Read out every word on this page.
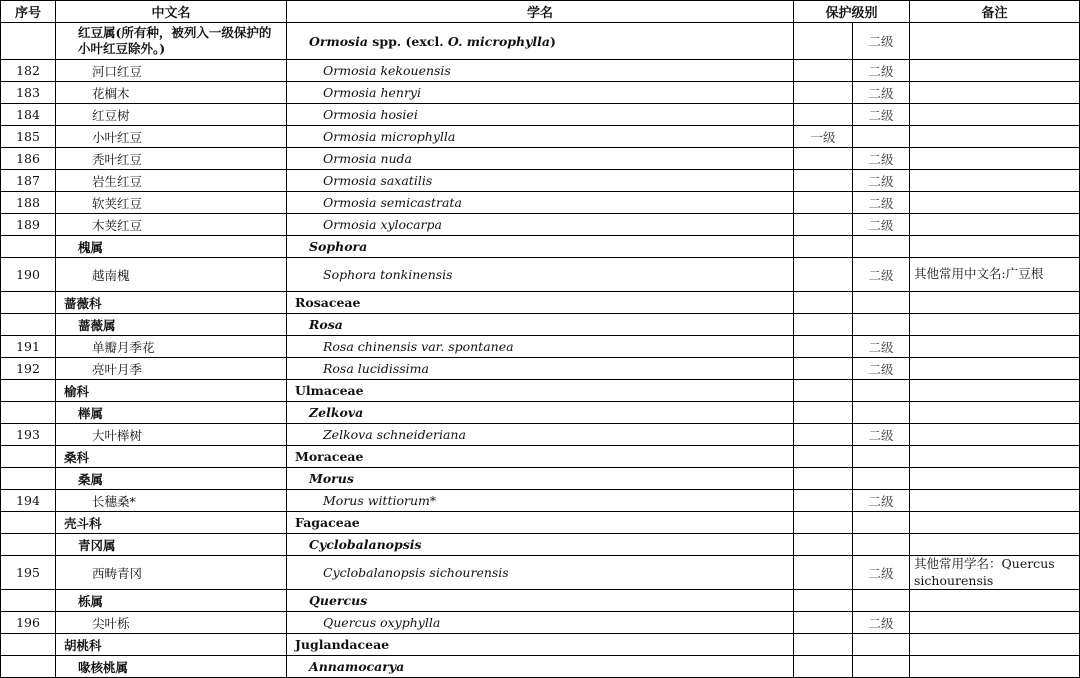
序号	中文名	学名	保护级别		备注
	红豆属(所有种，被列入一级保护的小叶红豆除外。)	Ormosia spp. (excl. O. microphylla)		二级	
182	河口红豆	Ormosia kekouensis		二级	
183	花榈木	Ormosia henryi		二级	
184	红豆树	Ormosia hosiei		二级	
185	小叶红豆	Ormosia microphylla	一级		
186	秃叶红豆	Ormosia nuda		二级	
187	岩生红豆	Ormosia saxatilis		二级	
188	软荚红豆	Ormosia semicastrata		二级	
189	木荚红豆	Ormosia xylocarpa		二级	
	槐属	Sophora			
190	越南槐	Sophora tonkinensis		二级	其他常用中文名:广豆根
	蔷薇科	Rosaceae			
	蔷薇属	Rosa			
191	单瓣月季花	Rosa chinensis var. spontanea		二级	
192	亮叶月季	Rosa lucidissima		二级	
	榆科	Ulmaceae			
	榉属	Zelkova			
193	大叶榉树	Zelkova schneideriana		二级	
	桑科	Moraceae			
	桑属	Morus			
194	长穗桑*	Morus wittiorum*		二级	
	壳斗科	Fagaceae			
	青冈属	Cyclobalanopsis			
195	西畴青冈	Cyclobalanopsis sichourensis		二级	其他常用学名：Quercus sichourensis
	栎属	Quercus			
196	尖叶栎	Quercus oxyphylla		二级	
	胡桃科	Juglandaceae			
	喙核桃属	Annamocarya			
